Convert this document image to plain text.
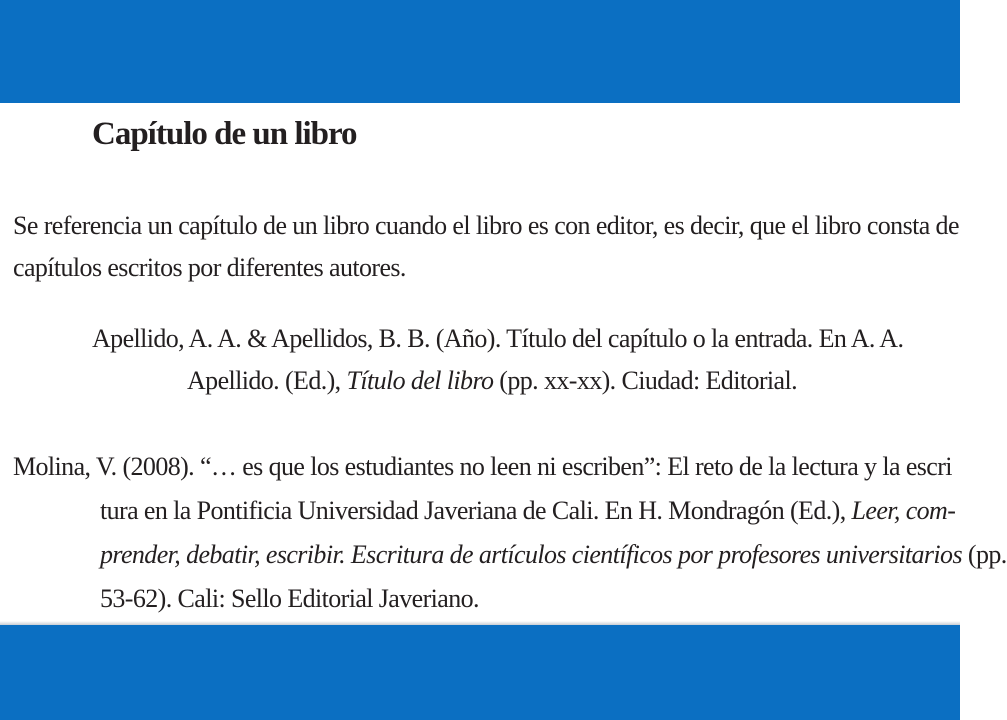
Capítulo de un libro

Se referencia un capítulo de un libro cuando el libro es con editor, es decir, que el libro consta de
capítulos escritos por diferentes autores.

Apellido, A. A. & Apellidos, B. B. (Año). Título del capítulo o la entrada. En A. A.
Apellido. (Ed.), Título del libro (pp. xx-xx). Ciudad: Editorial.
Molina, V. (2008). “… es que los estudiantes no leen ni escriben”: El reto de la lectura y la escri
tura en la Pontificia Universidad Javeriana de Cali. En H. Mondragón (Ed.), Leer, com-
prender, debatir, escribir. Escritura de artículos científicos por profesores universitarios (pp.
53-62). Cali: Sello Editorial Javeriano.
